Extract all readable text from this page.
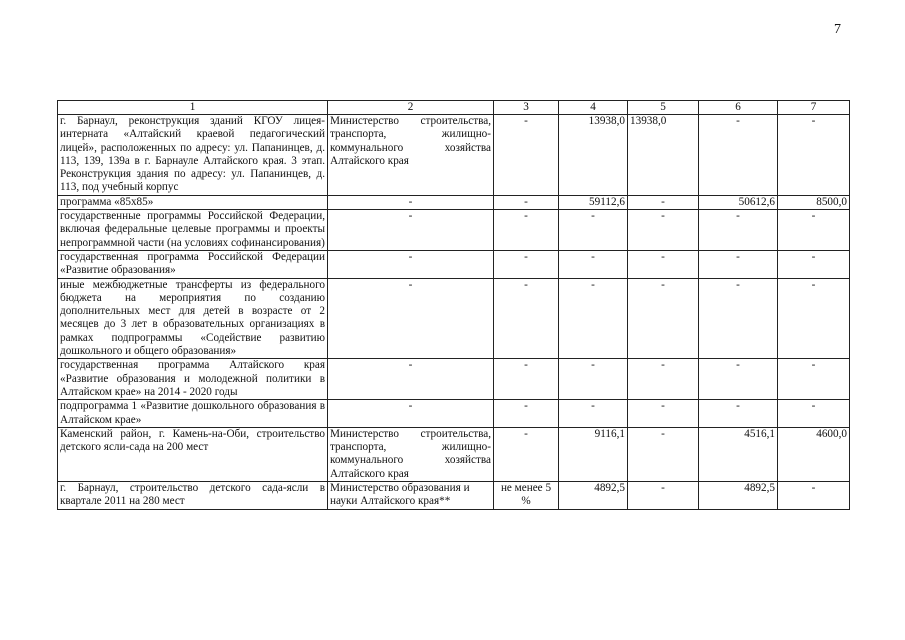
7
1	2	3	4	5	6	7
г. Барнаул, реконструкция зданий КГОУ лицея-интерната «Алтайский краевой педагогический лицей», расположенных по адресу: ул. Папанинцев, д. 113, 139, 139а в г. Барнауле Алтайского края. 3 этап. Реконструкция здания по адресу: ул. Папанинцев, д. 113, под учебный корпус	Министерство строительства, транспорта, жилищно-коммунального хозяйства Алтайского края	-	13938,0	13938,0	-	-
программа «85х85»	-	-	59112,6	-	50612,6	8500,0
государственные программы Российской Федерации, включая федеральные целевые программы и проекты непрограммной части (на условиях софинансирования)	-	-	-	-	-	-
государственная программа Российской Федерации «Развитие образования»	-	-	-	-	-	-
иные межбюджетные трансферты из федерального бюджета на мероприятия по созданию дополнительных мест для детей в возрасте от 2 месяцев до 3 лет в образовательных организациях в рамках подпрограммы «Содействие развитию дошкольного и общего образования»	-	-	-	-	-	-
государственная программа Алтайского края «Развитие образования и молодежной политики в Алтайском крае» на 2014 - 2020 годы	-	-	-	-	-	-
подпрограмма 1 «Развитие дошкольного образования в Алтайском крае»	-	-	-	-	-	-
Каменский район, г. Камень-на-Оби, строительство детского ясли-сада на 200 мест	Министерство строительства, транспорта, жилищно-коммунального хозяйства Алтайского края	-	9116,1	-	4516,1	4600,0
г. Барнаул, строительство детского сада-ясли в квартале 2011 на 280 мест	Министерство образования и науки Алтайского края**	не менее 5 %	4892,5	-	4892,5	-
